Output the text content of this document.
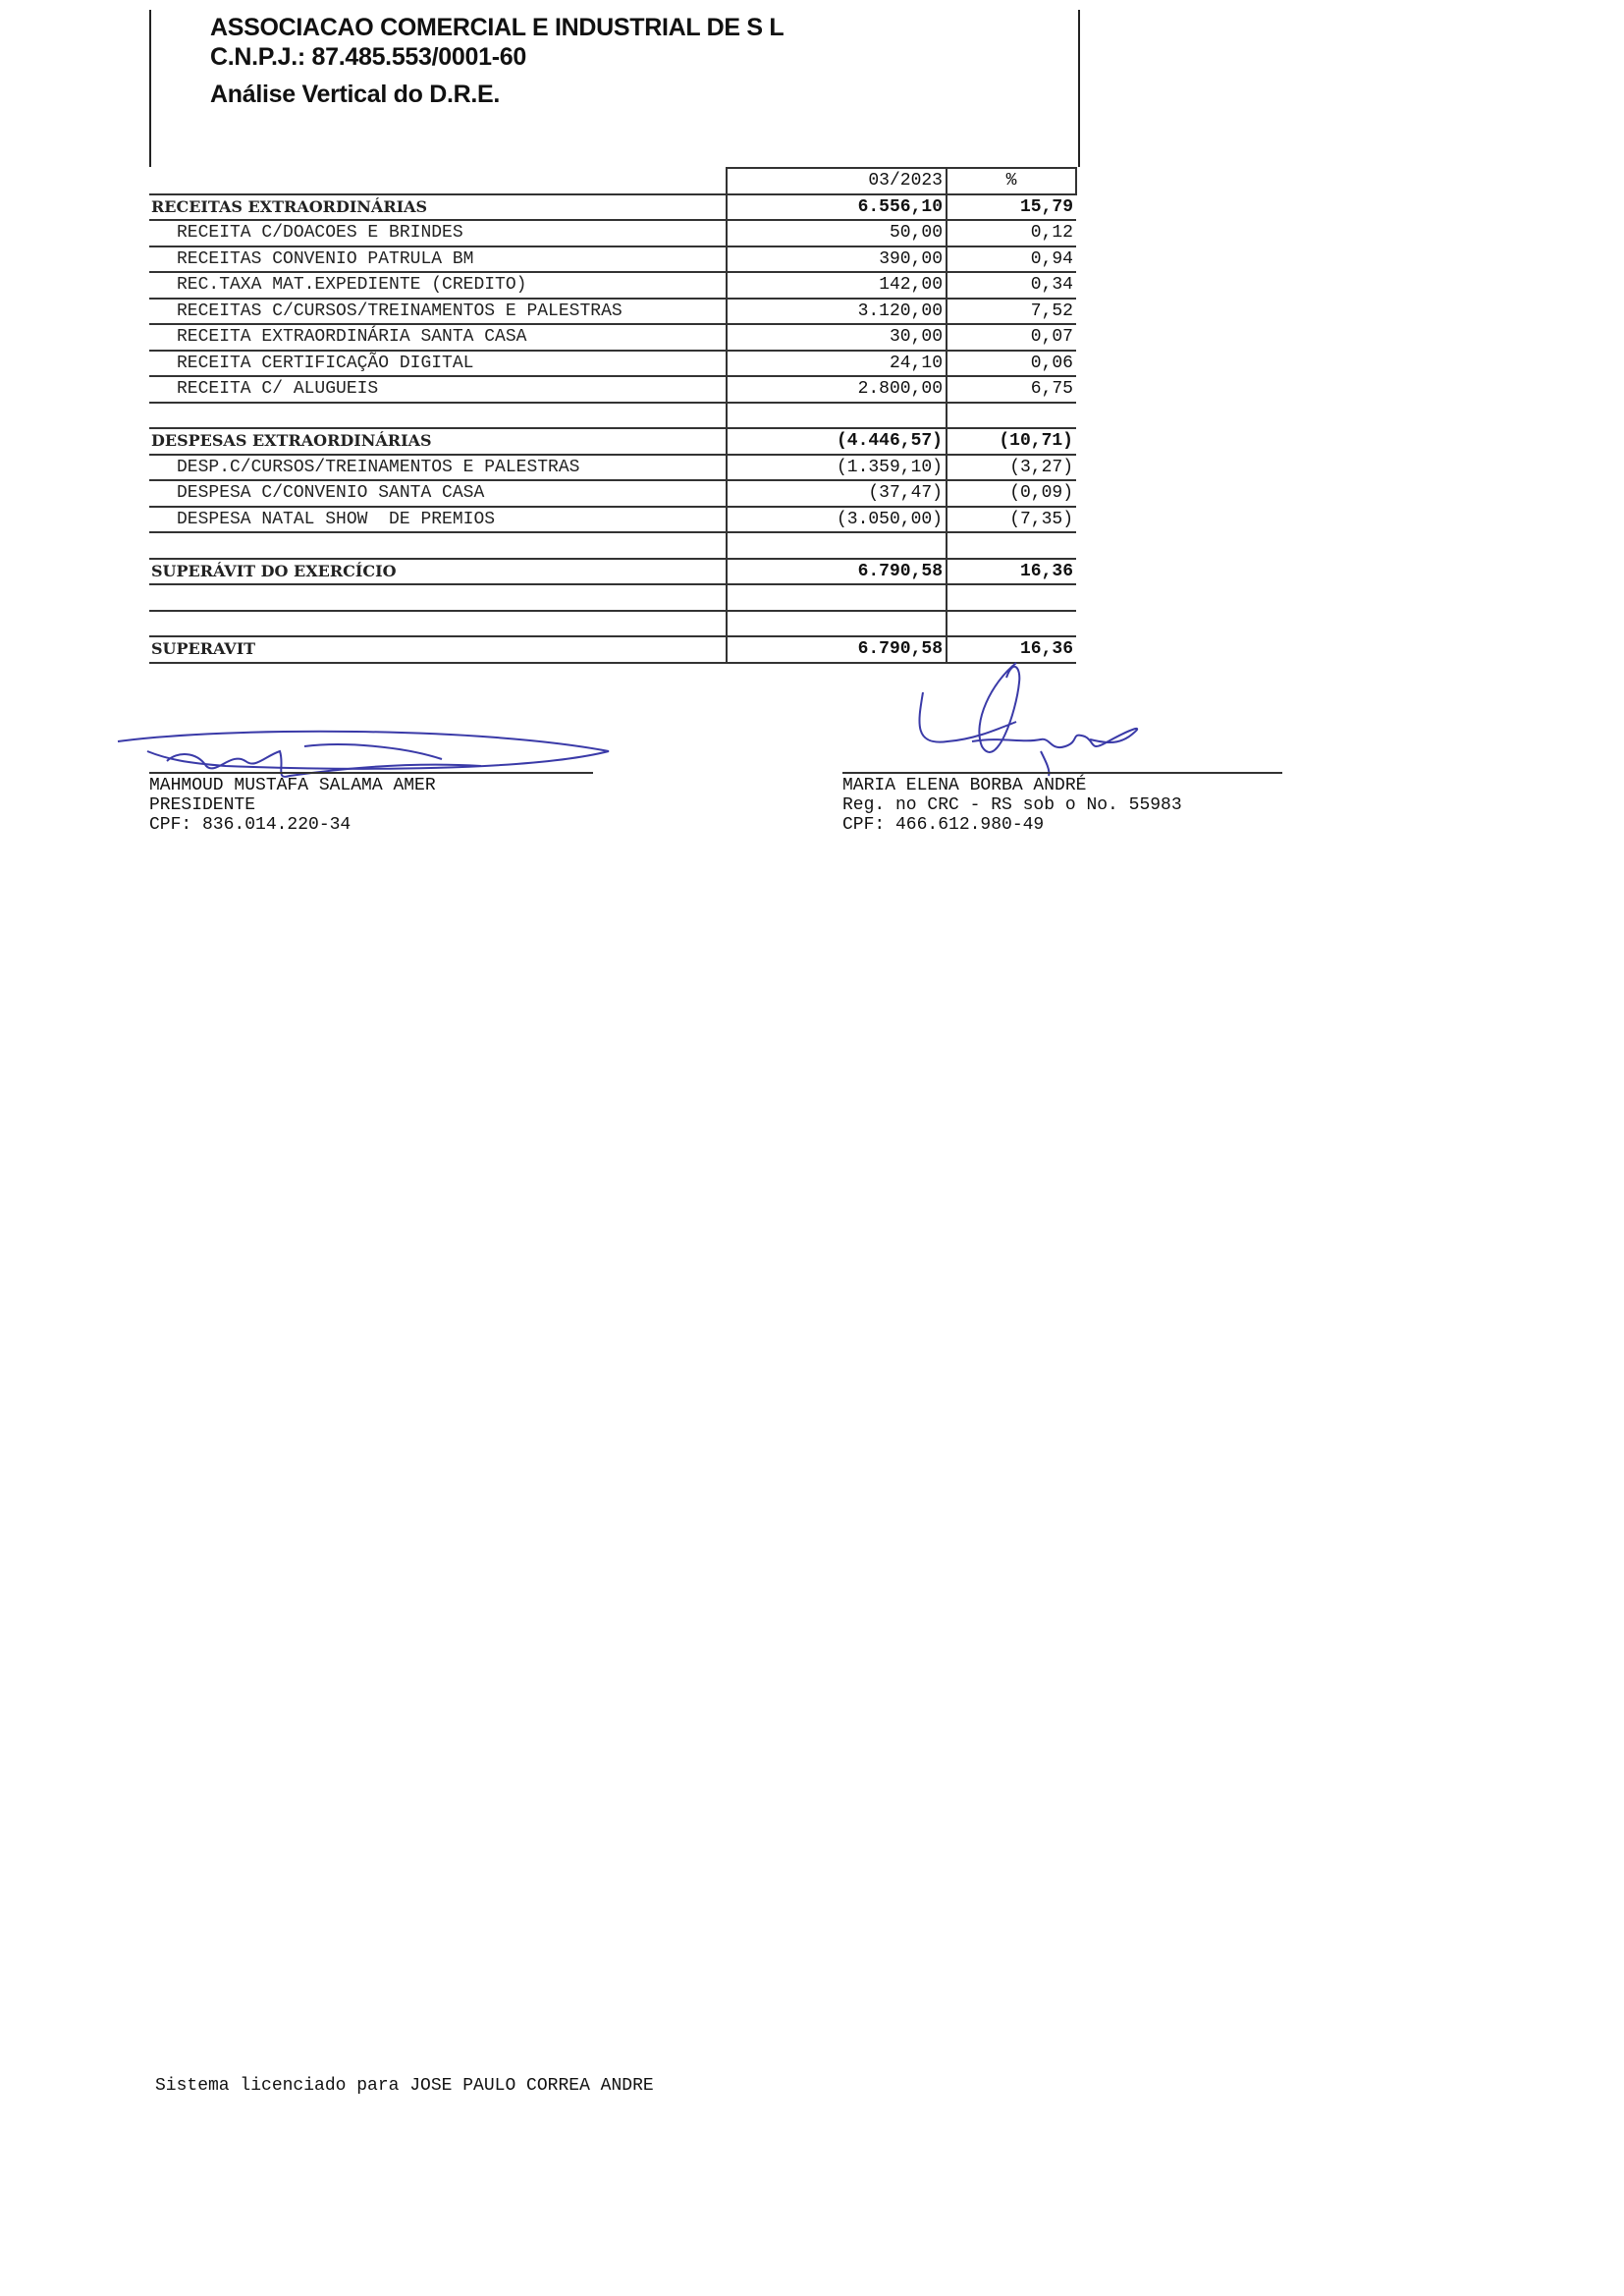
ASSOCIACAO COMERCIAL E INDUSTRIAL DE S L
C.N.P.J.: 87.485.553/0001-60
Análise Vertical do D.R.E.
	03/2023	%
RECEITAS EXTRAORDINÁRIAS	6.556,10	15,79
RECEITA C/DOACOES E BRINDES	50,00	0,12
RECEITAS CONVENIO PATRULA BM	390,00	0,94
REC.TAXA MAT.EXPEDIENTE (CREDITO)	142,00	0,34
RECEITAS C/CURSOS/TREINAMENTOS E PALESTRAS	3.120,00	7,52
RECEITA EXTRAORDINÁRIA SANTA CASA	30,00	0,07
RECEITA CERTIFICAÇÃO DIGITAL	24,10	0,06
RECEITA C/ ALUGUEIS	2.800,00	6,75

DESPESAS EXTRAORDINÁRIAS	(4.446,57)	(10,71)
DESP.C/CURSOS/TREINAMENTOS E PALESTRAS	(1.359,10)	(3,27)
DESPESA C/CONVENIO SANTA CASA	(37,47)	(0,09)
DESPESA NATAL SHOW  DE PREMIOS	(3.050,00)	(7,35)

SUPERÁVIT DO EXERCÍCIO	6.790,58	16,36

SUPERAVIT	6.790,58	16,36
MAHMOUD MUSTAFA SALAMA AMER
PRESIDENTE
CPF: 836.014.220-34
MARIA ELENA BORBA ANDRÉ
Reg. no CRC - RS sob o No. 55983
CPF: 466.612.980-49
Sistema licenciado para JOSE PAULO CORREA ANDRE
